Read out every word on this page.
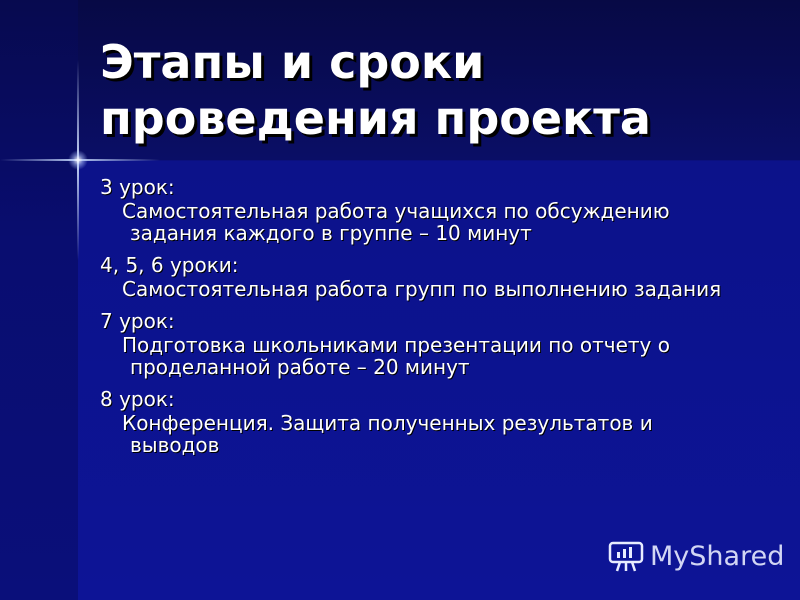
Этапы и сроки проведения проекта
3 урок:
Самостоятельная работа учащихся по обсуждению задания каждого в группе – 10 минут
4, 5, 6 уроки:
Самостоятельная работа групп по выполнению задания
7 урок:
Подготовка школьниками презентации по отчету о проделанной работе – 20 минут
8 урок:
Конференция. Защита полученных результатов и выводов
MyShared
